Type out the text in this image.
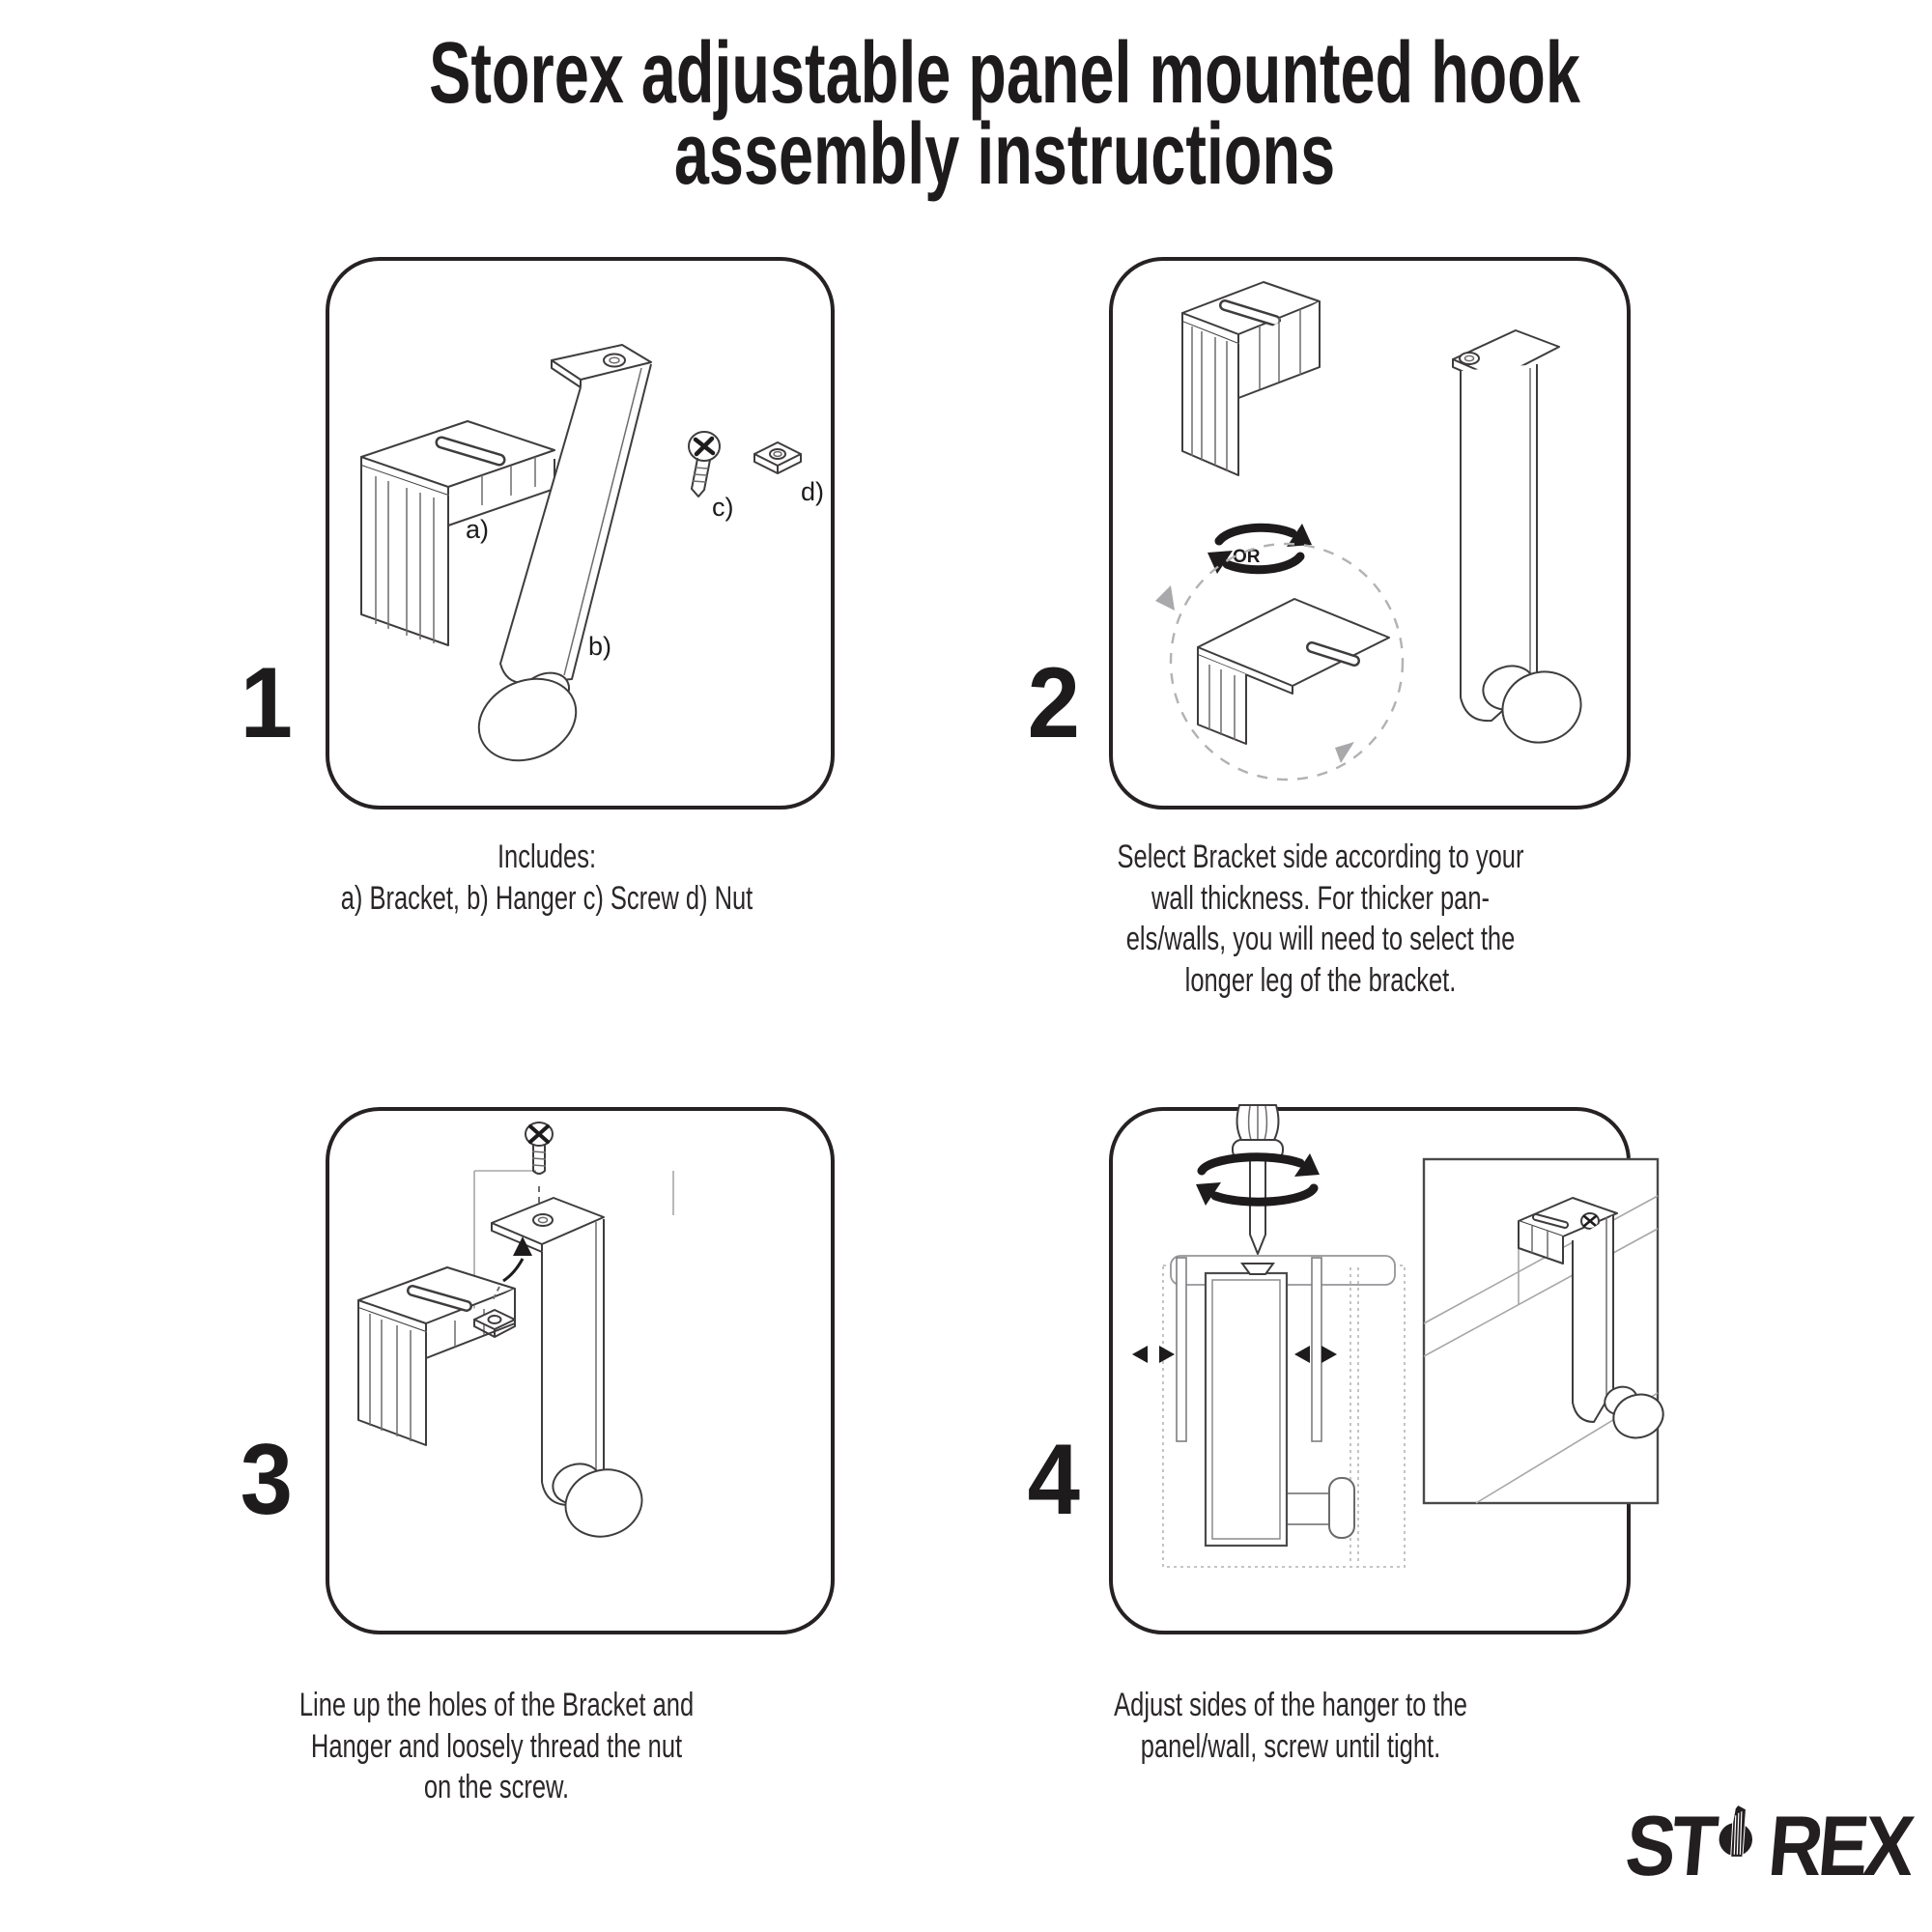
Storex adjustable panel mounted hook
assembly instructions
1	2
3	4
a)
b)
c)
d)
OR
Includes:
a) Bracket, b) Hanger c) Screw d) Nut
Select Bracket side according to your
wall thickness. For thicker pan-
els/walls, you will need to select the
longer leg of the bracket.
Line up the holes of the Bracket and
Hanger and loosely thread the nut
on the screw.
Adjust sides of the hanger to the
panel/wall, screw until tight.
ST REX
